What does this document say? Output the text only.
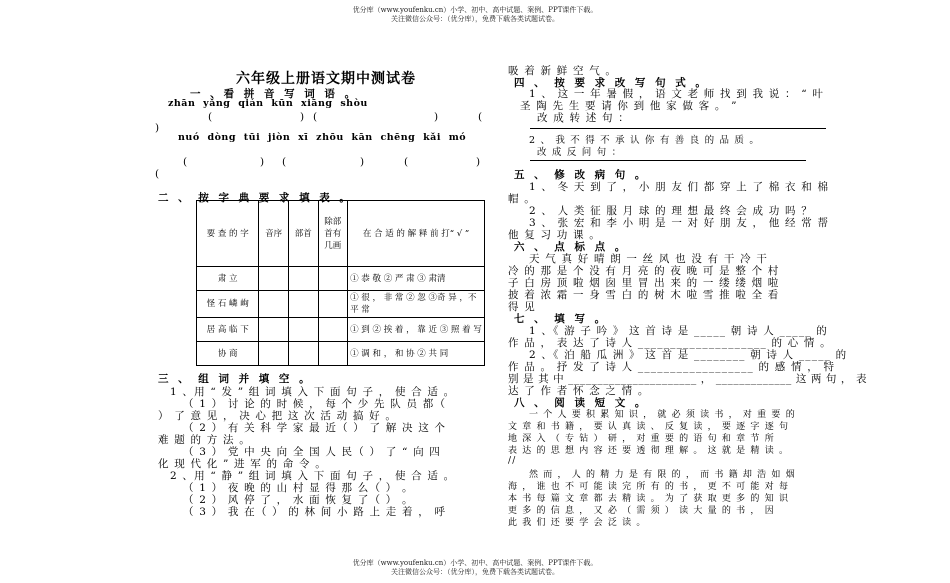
优分库（www.youfenku.cn）小学、初中、高中试题、案例、PPT课件下载。
关注微信公众号：（优分库），免费下载各类试题试卷。
六年级上册语文期中测试卷
一 、看 拼 音 写 词 语 。
zhān yǎng qián kūn xiāng shòu
(	) (	)	(
)
nuó dòng tūi jiòn xī zhōu kān chēng kǎi mó
(	) (	)	(	)
(
二 、 按 字 典 要 求 填 表 。
要 查 的 字	音序	部首	除部首有几画	在 合 适 的 解 释 前 打“ √ ”
肃 立				① 恭 敬 ② 严 肃 ③ 肃清
怪 石 嶙 峋				① 很 ， 非 常 ② 忽 ③奇 异 ，不 平 常
居 高 临 下				① 到 ② 挨 着 ， 靠 近 ③ 照 着 写
协 商				① 调 和 ， 和 协 ② 共 同
三 、 组 词 并 填 空 。
1 、用 “ 发 ” 组 词 填 入 下 面 句 子 ， 使 合 适 。
（ 1 ） 讨 论 的 时 候 ， 每 个 少 先 队 员 都（
） 了 意 见 ， 决 心 把 这 次 活 动 搞 好 。
（ 2 ） 有 关 科 学 家 最 近（ ） 了 解 决 这 个
难 题 的 方 法 。
（ 3 ） 党 中 央 向 全 国 人 民（ ） 了 “ 向 四
化 现 代 化 ” 进 军 的 命 令 。
2 、用 “ 静 ” 组 词 填 入 下 面 句 子 ， 使 合 适 。
（ 1 ） 夜 晚 的 山 村 显 得 那 么（ ） 。
（ 2 ） 风 停 了 ， 水 面 恢 复 了（ ） 。
（ 3 ） 我 在（ ） 的 林 间 小 路 上 走 着 ， 呼
吸 着 新 鲜 空 气 。
四 、 按 要 求 改 写 句 式 。
1 、 这 一 年 暑 假 ， 语 文 老 师 找 到 我 说 ： “ 叶
圣 陶 先 生 要 请 你 到 他 家 做 客 。 ”
改 成 转 述 句 ：
2 、 我 不 得 不 承 认 你 有 善 良 的 品 质 。
改 成 反 问 句 ：
五 、 修 改 病 句 。
1 、 冬 天 到 了 ， 小 朋 友 们 都 穿 上 了 棉 衣 和 棉
帽 。
2 、 人 类 征 服 月 球 的 理 想 最 终 会 成 功 吗 ？
3 、 张 宏 和 李 小 明 是 一 对 好 朋 友 ， 他 经 常 帮
他 复 习 功 课 。
六 、 点 标 点 。
天 气 真 好 晴 朗 一 丝 风 也 没 有 干 冷 干
冷 的 那 是 个 没 有 月 亮 的 夜 晚 可 是 整 个 村
子 白 房 顶 啦 烟 囱 里 冒 出 来 的 一 缕 缕 烟 啦
披 着 浓 霜 一 身 雪 白 的 树 木 啦 雪 推 啦 全 看
得 见
七 、 填 写 。
1 、《 游 子 吟 》 这 首 诗 是 _____ 朝 诗 人 _____ 的
作 品 ， 表 达 了 诗 人 ____________________ 的 心 情 。
2 、《 泊 船 瓜 洲 》 这 首 是 ________ 朝 诗 人 _____ 的
作 品 。 抒 发 了 诗 人 __________________ 的 感 情 ， 特
别 是 其 中 ______________________ ， _____________ 这 两 句 ， 表
达 了 作 者 怀 念 之 情 。
八 、 阅 读 短 文 。
一 个 人 要 积 累 知 识 ， 就 必 须 读 书 ， 对 重 要 的
文 章 和 书 籍 ， 要 认 真 读 、 反 复 读 ， 要 逐 字 逐 句
地 深 入 （ 专 钻 ） 研 ， 对 重 要 的 语 句 和 章 节 所
表 达 的 思 想 内 容 还 要 透 彻 理 解 。 这 就 是 精 读 。
//
然 而 ， 人 的 精 力 是 有 限 的 ， 而 书 籍 却 浩 如 烟
海 ， 谁 也 不 可 能 读 完 所 有 的 书 ， 更 不 可 能 对 每
本 书 每 篇 文 章 都 去 精 读 。 为 了 获 取 更 多 的 知 识
更 多 的 信 息 ， 又 必 （ 需 须 ） 读 大 量 的 书 ， 因
此 我 们 还 要 学 会 泛 读 。
优分库（www.youfenku.cn）小学、初中、高中试题、案例、PPT课件下载。
关注微信公众号：（优分库），免费下载各类试题试卷。
